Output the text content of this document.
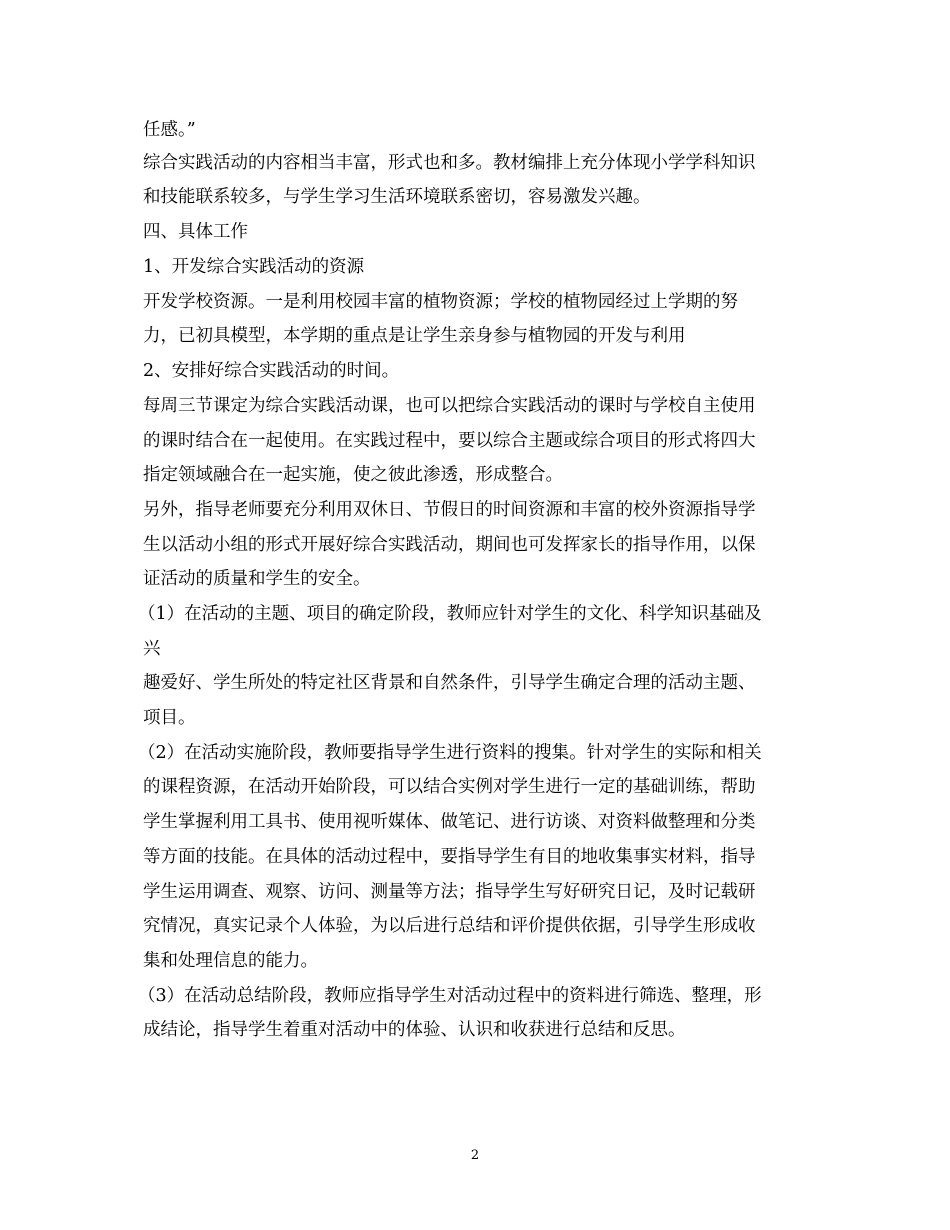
任感。”
综合实践活动的内容相当丰富，形式也和多。教材编排上充分体现小学学科知识
和技能联系较多，与学生学习生活环境联系密切，容易激发兴趣。
四、具体工作
1、开发综合实践活动的资源
开发学校资源。一是利用校园丰富的植物资源；学校的植物园经过上学期的努
力，已初具模型，本学期的重点是让学生亲身参与植物园的开发与利用
2、安排好综合实践活动的时间。
每周三节课定为综合实践活动课，也可以把综合实践活动的课时与学校自主使用
的课时结合在一起使用。在实践过程中，要以综合主题或综合项目的形式将四大
指定领域融合在一起实施，使之彼此渗透，形成整合。
另外，指导老师要充分利用双休日、节假日的时间资源和丰富的校外资源指导学
生以活动小组的形式开展好综合实践活动，期间也可发挥家长的指导作用，以保
证活动的质量和学生的安全。
（1）在活动的主题、项目的确定阶段，教师应针对学生的文化、科学知识基础及
兴
趣爱好、学生所处的特定社区背景和自然条件，引导学生确定合理的活动主题、
项目。
（2）在活动实施阶段，教师要指导学生进行资料的搜集。针对学生的实际和相关
的课程资源，在活动开始阶段，可以结合实例对学生进行一定的基础训练，帮助
学生掌握利用工具书、使用视听媒体、做笔记、进行访谈、对资料做整理和分类
等方面的技能。在具体的活动过程中，要指导学生有目的地收集事实材料，指导
学生运用调查、观察、访问、测量等方法；指导学生写好研究日记，及时记载研
究情况，真实记录个人体验，为以后进行总结和评价提供依据，引导学生形成收
集和处理信息的能力。
（3）在活动总结阶段，教师应指导学生对活动过程中的资料进行筛选、整理，形
成结论，指导学生着重对活动中的体验、认识和收获进行总结和反思。
2
